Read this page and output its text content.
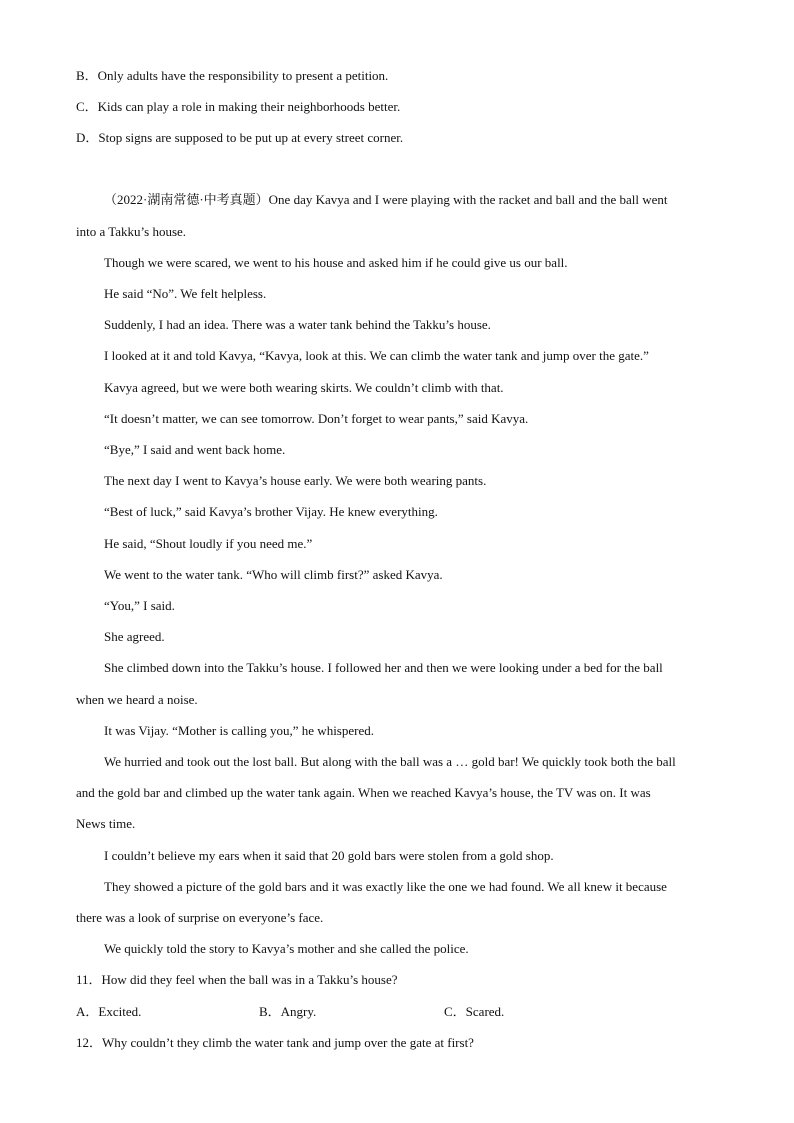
B．Only adults have the responsibility to present a petition.

C．Kids can play a role in making their neighborhoods better.

D．Stop signs are supposed to be put up at every street corner.

（2022·湖南常德·中考真题）One day Kavya and I were playing with the racket and ball and the ball went

into a Takku’s house.

Though we were scared, we went to his house and asked him if he could give us our ball.

He said “No”. We felt helpless.

Suddenly, I had an idea. There was a water tank behind the Takku’s house.

I looked at it and told Kavya, “Kavya, look at this. We can climb the water tank and jump over the gate.”

Kavya agreed, but we were both wearing skirts. We couldn’t climb with that.

“It doesn’t matter, we can see tomorrow. Don’t forget to wear pants,” said Kavya.

“Bye,” I said and went back home.

The next day I went to Kavya’s house early. We were both wearing pants.

“Best of luck,” said Kavya’s brother Vijay. He knew everything.

He said, “Shout loudly if you need me.”

We went to the water tank. “Who will climb first?” asked Kavya.

“You,” I said.

She agreed.

She climbed down into the Takku’s house. I followed her and then we were looking under a bed for the ball

when we heard a noise.

It was Vijay. “Mother is calling you,” he whispered.

We hurried and took out the lost ball. But along with the ball was a … gold bar! We quickly took both the ball

and the gold bar and climbed up the water tank again. When we reached Kavya’s house, the TV was on. It was

News time.

I couldn’t believe my ears when it said that 20 gold bars were stolen from a gold shop.

They showed a picture of the gold bars and it was exactly like the one we had found. We all knew it because

there was a look of surprise on everyone’s face.

We quickly told the story to Kavya’s mother and she called the police.

11．How did they feel when the ball was in a Takku’s house?

A．Excited.	B．Angry.	C．Scared.

12．Why couldn’t they climb the water tank and jump over the gate at first?
